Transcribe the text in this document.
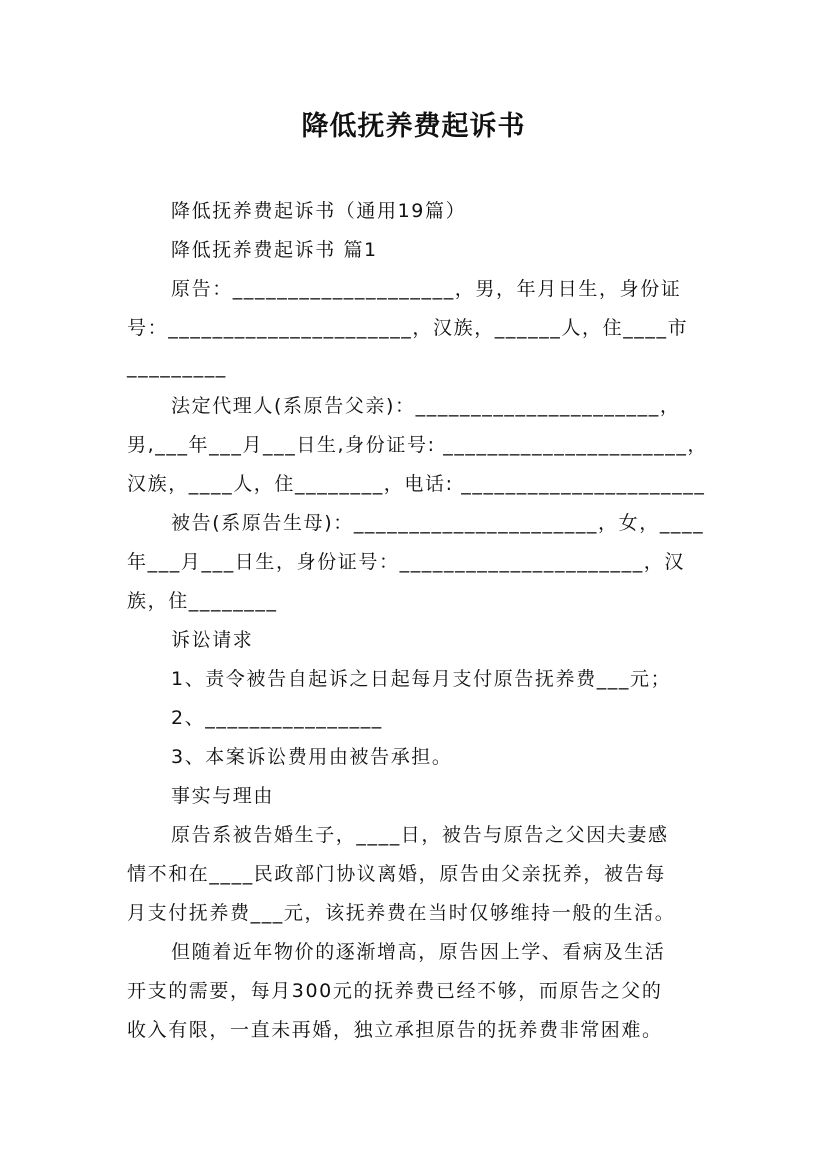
降低抚养费起诉书
降低抚养费起诉书（通用19篇）
降低抚养费起诉书 篇1
原告：____________________，男，年月日生，身份证
号：______________________，汉族，______人，住____市
_________
法定代理人(系原告父亲)：______________________，
男,___年___月___日生,身份证号: ______________________，
汉族，____人，住________，电话: ______________________
被告(系原告生母)：______________________，女，____
年___月___日生，身份证号：______________________，汉
族，住________
诉讼请求
1、责令被告自起诉之日起每月支付原告抚养费___元；
2、________________
3、本案诉讼费用由被告承担。
事实与理由
原告系被告婚生子，____日，被告与原告之父因夫妻感
情不和在____民政部门协议离婚，原告由父亲抚养，被告每
月支付抚养费___元，该抚养费在当时仅够维持一般的生活。
但随着近年物价的逐渐增高，原告因上学、看病及生活
开支的需要，每月300元的抚养费已经不够，而原告之父的
收入有限，一直未再婚，独立承担原告的抚养费非常困难。
